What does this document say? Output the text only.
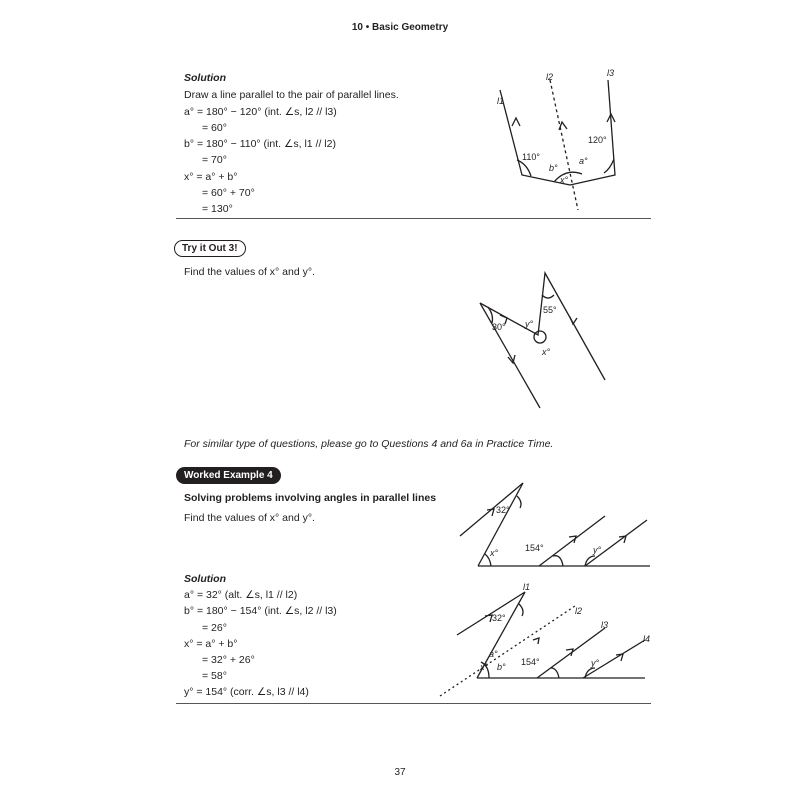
10 • Basic Geometry
Solution
Draw a line parallel to the pair of parallel lines.
a° = 180° − 120° (int. ∠s, l2 // l3)
= 60°
b° = 180° − 110° (int. ∠s, l1 // l2)
= 70°
x° = a° + b°
= 60° + 70°
= 130°
l1
l2	l3
110°
120°
b°
a°
x°
Try it Out 3!
Find the values of x° and y°.
30°
55°
y°
x°
For similar type of questions, please go to Questions 4 and 6a in Practice Time.
Worked Example 4
Solving problems involving angles in parallel lines
Find the values of x° and y°.
32°
154°
x°	y°
Solution
a° = 32° (alt. ∠s, l1 // l2)
b° = 180° − 154° (int. ∠s, l2 // l3)
= 26°
x° = a° + b°
= 32° + 26°
= 58°
y° = 154° (corr. ∠s, l3 // l4)
32°
154°
a°
b°
x°	y°
l1
l2
l3
l4
37
